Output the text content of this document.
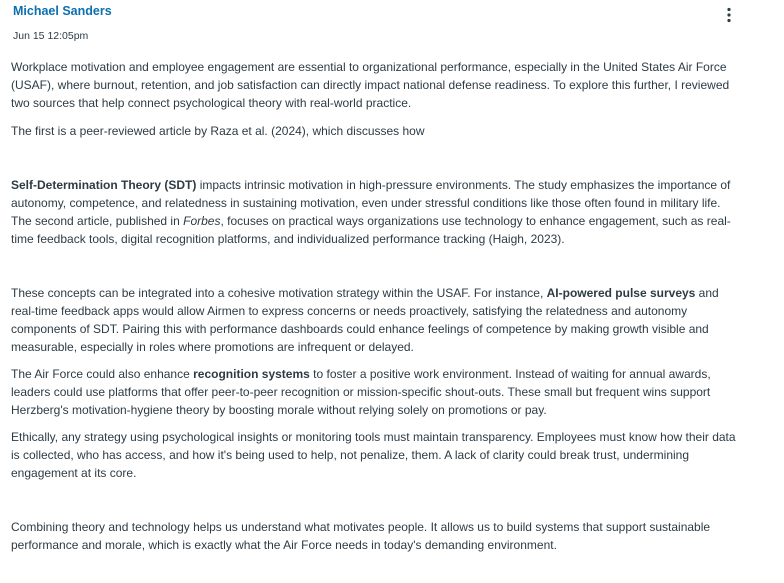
Michael Sanders
Jun 15 12:05pm

Workplace motivation and employee engagement are essential to organizational performance, especially in the United States Air Force (USAF), where burnout, retention, and job satisfaction can directly impact national defense readiness. To explore this further, I reviewed two sources that help connect psychological theory with real-world practice.

The first is a peer-reviewed article by Raza et al. (2024), which discusses how

Self-Determination Theory (SDT) impacts intrinsic motivation in high-pressure environments. The study emphasizes the importance of autonomy, competence, and relatedness in sustaining motivation, even under stressful conditions like those often found in military life. The second article, published in Forbes, focuses on practical ways organizations use technology to enhance engagement, such as real-time feedback tools, digital recognition platforms, and individualized performance tracking (Haigh, 2023).

These concepts can be integrated into a cohesive motivation strategy within the USAF. For instance, AI-powered pulse surveys and real-time feedback apps would allow Airmen to express concerns or needs proactively, satisfying the relatedness and autonomy components of SDT. Pairing this with performance dashboards could enhance feelings of competence by making growth visible and measurable, especially in roles where promotions are infrequent or delayed.

The Air Force could also enhance recognition systems to foster a positive work environment. Instead of waiting for annual awards, leaders could use platforms that offer peer-to-peer recognition or mission-specific shout-outs. These small but frequent wins support Herzberg's motivation-hygiene theory by boosting morale without relying solely on promotions or pay.

Ethically, any strategy using psychological insights or monitoring tools must maintain transparency. Employees must know how their data is collected, who has access, and how it's being used to help, not penalize, them. A lack of clarity could break trust, undermining engagement at its core.

Combining theory and technology helps us understand what motivates people. It allows us to build systems that support sustainable performance and morale, which is exactly what the Air Force needs in today's demanding environment.
